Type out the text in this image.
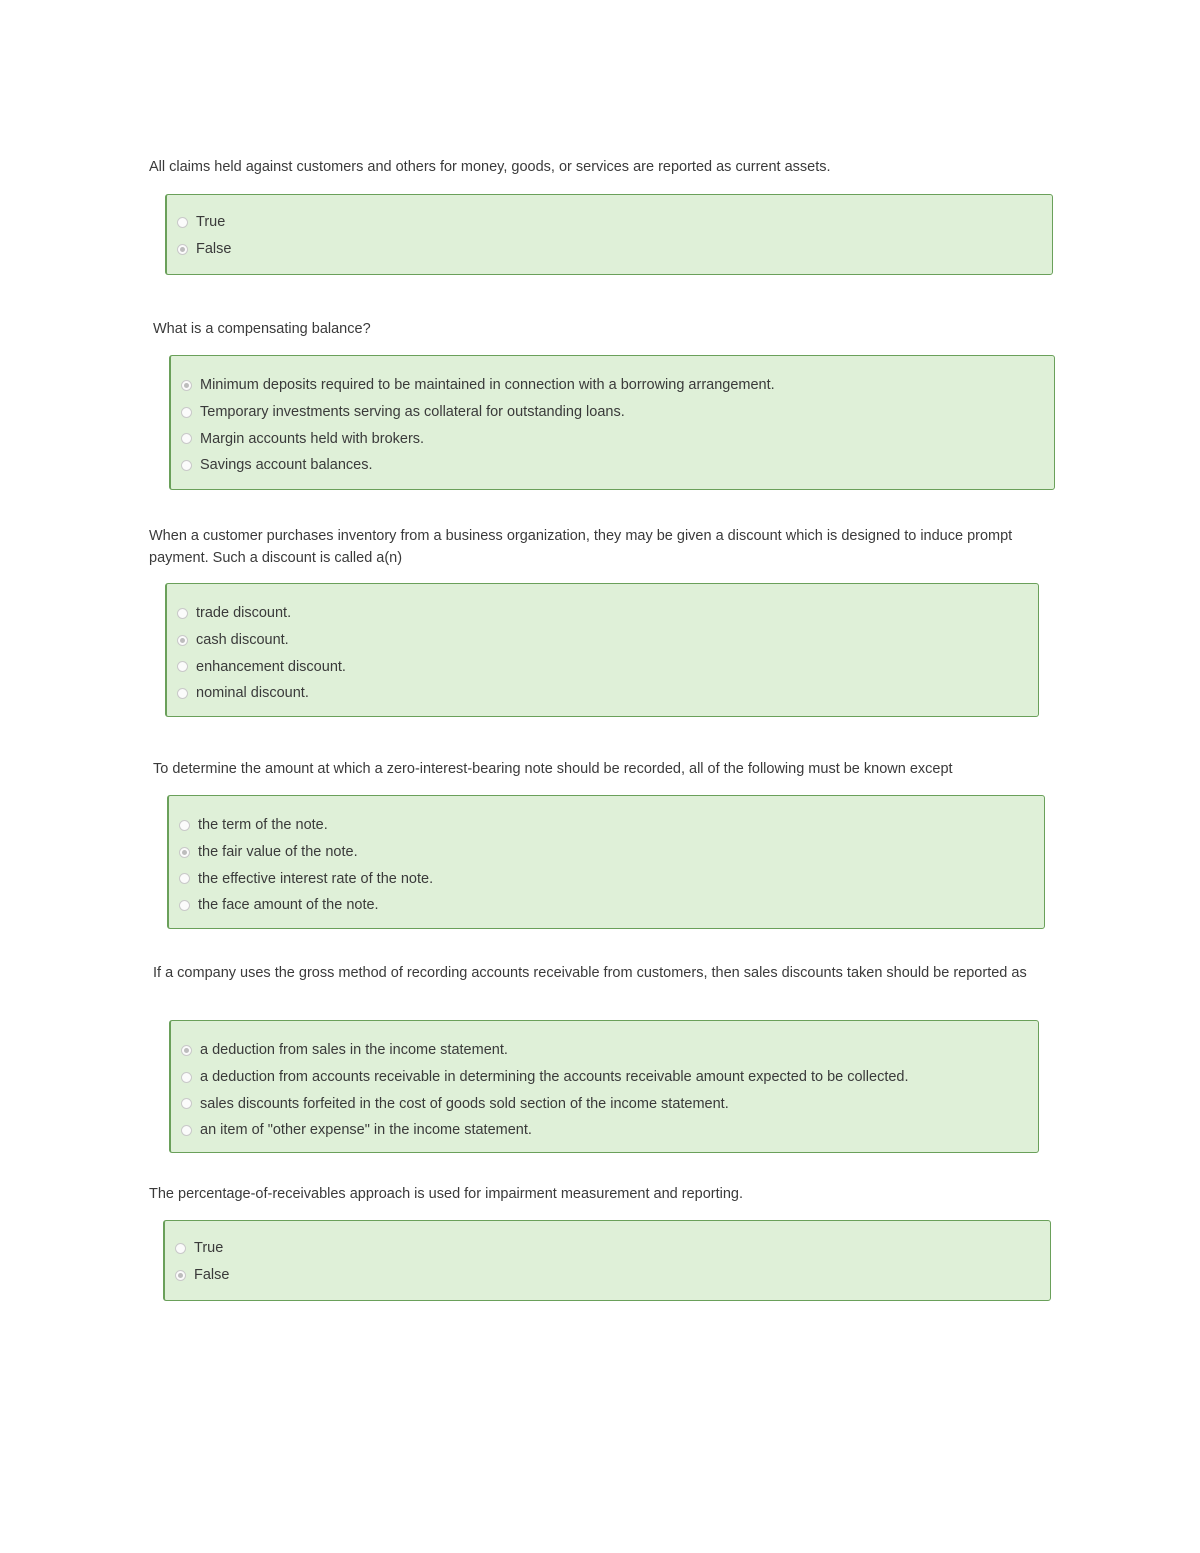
All claims held against customers and others for money, goods, or services are reported as current assets.

True
False

What is a compensating balance?

Minimum deposits required to be maintained in connection with a borrowing arrangement.
Temporary investments serving as collateral for outstanding loans.
Margin accounts held with brokers.
Savings account balances.

When a customer purchases inventory from a business organization, they may be given a discount which is designed to induce prompt payment. Such a discount is called a(n)

trade discount.
cash discount.
enhancement discount.
nominal discount.

To determine the amount at which a zero-interest-bearing note should be recorded, all of the following must be known except

the term of the note.
the fair value of the note.
the effective interest rate of the note.
the face amount of the note.

If a company uses the gross method of recording accounts receivable from customers, then sales discounts taken should be reported as

a deduction from sales in the income statement.
a deduction from accounts receivable in determining the accounts receivable amount expected to be collected.
sales discounts forfeited in the cost of goods sold section of the income statement.
an item of "other expense" in the income statement.

The percentage-of-receivables approach is used for impairment measurement and reporting.

True
False
